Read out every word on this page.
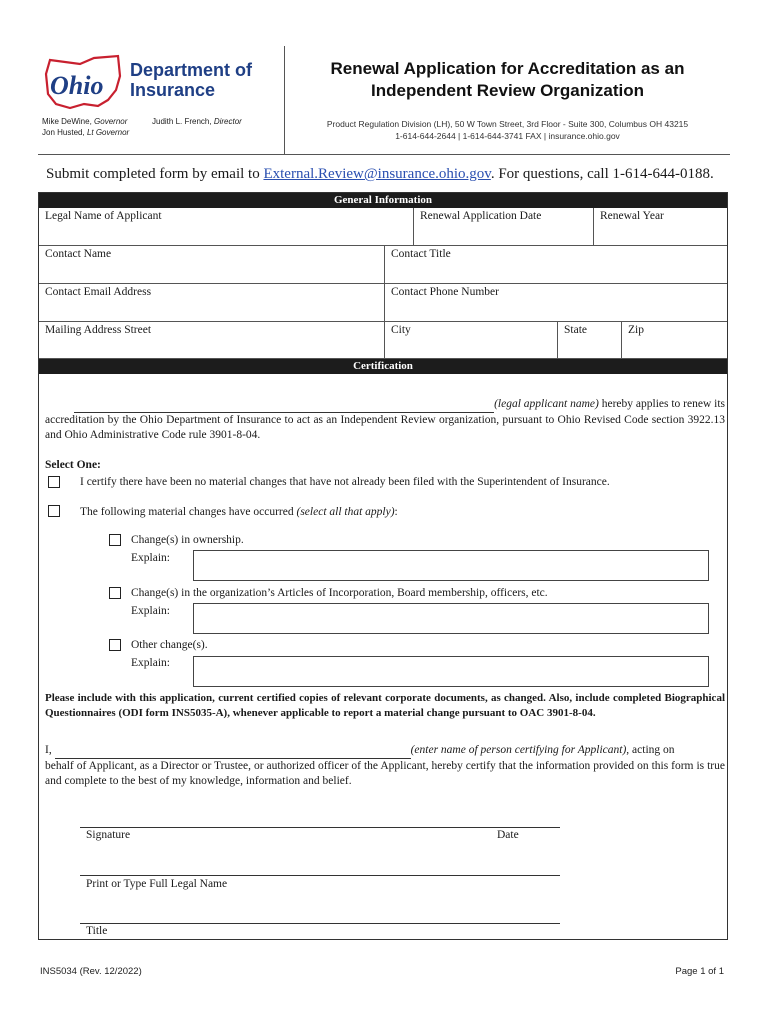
Ohio
Department of
Insurance
Mike DeWine, Governor
Jon Husted, Lt Governor
Judith L. French, Director
Renewal Application for Accreditation as an
Independent Review Organization
Product Regulation Division (LH), 50 W Town Street, 3rd Floor - Suite 300, Columbus OH 43215
1-614-644-2644 | 1-614-644-3741 FAX | insurance.ohio.gov
Submit completed form by email to External.Review@insurance.ohio.gov. For questions, call 1-614-644-0188.
General Information
Legal Name of Applicant	Renewal Application Date	Renewal Year
Contact Name	Contact Title
Contact Email Address	Contact Phone Number
Mailing Address Street	City	State	Zip
Certification
(legal applicant name) hereby applies to renew its
accreditation by the Ohio Department of Insurance to act as an Independent Review organization, pursuant to Ohio Revised Code section 3922.13 and Ohio Administrative Code rule 3901-8-04.
Select One:
I certify there have been no material changes that have not already been filed with the Superintendent of Insurance.
The following material changes have occurred (select all that apply):
Change(s) in ownership.
Explain:
Change(s) in the organization’s Articles of Incorporation, Board membership, officers, etc.
Explain:
Other change(s).
Explain:
Please include with this application, current certified copies of relevant corporate documents, as changed. Also, include completed Biographical Questionnaires (ODI form INS5035-A), whenever applicable to report a material change pursuant to OAC 3901-8-04.
I,	(enter name of person certifying for Applicant), acting on
behalf of Applicant, as a Director or Trustee, or authorized officer of the Applicant, hereby certify that the information provided on this form is true and complete to the best of my knowledge, information and belief.
Signature	Date
Print or Type Full Legal Name
Title
INS5034 (Rev. 12/2022)	Page 1 of 1
